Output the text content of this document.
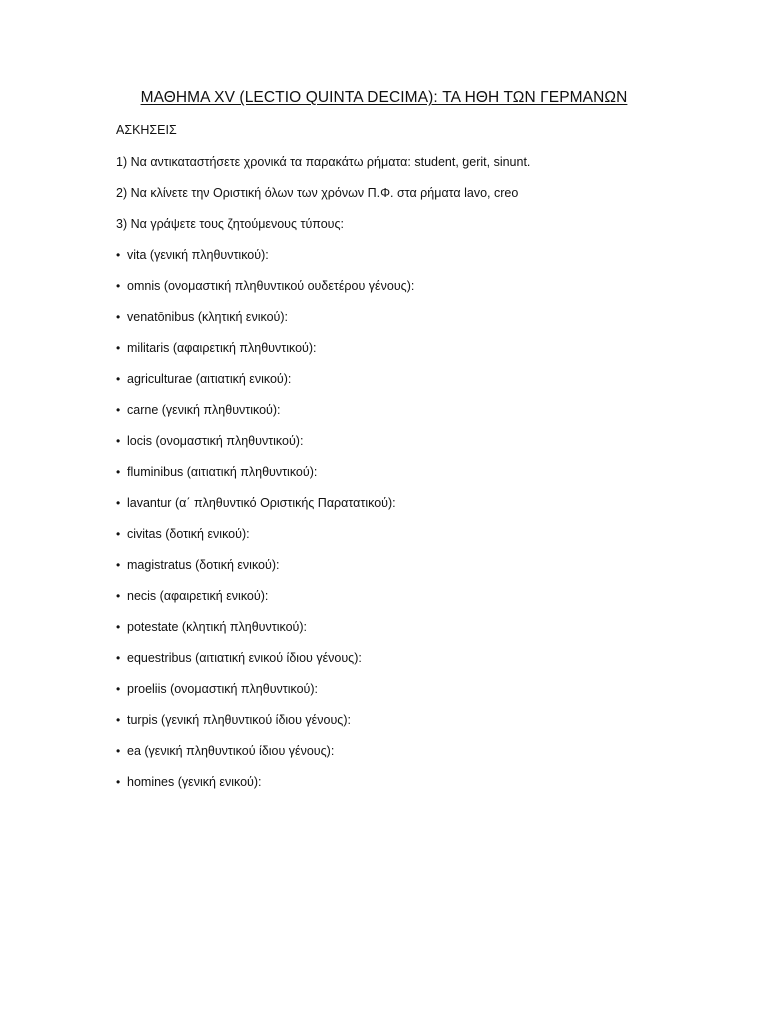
ΜΑΘΗΜΑ XV (LECTIO QUINTA DECIMA): ΤΑ ΗΘΗ ΤΩΝ ΓΕΡΜΑΝΩΝ
ΑΣΚΗΣΕΙΣ
1) Να αντικαταστήσετε χρονικά τα παρακάτω ρήματα: student, gerit, sinunt.
2) Να κλίνετε την Οριστική όλων των χρόνων Π.Φ. στα ρήματα lavo, creo
3) Να γράψετε τους ζητούμενους τύπους:
• vita (γενική πληθυντικού):
• omnis (ονομαστική πληθυντικού ουδετέρου γένους):
• venatōnibus (κλητική ενικού):
• militaris (αφαιρετική πληθυντικού):
• agriculturae (αιτιατική ενικού):
• carne (γενική πληθυντικού):
• locis (ονομαστική πληθυντικού):
• fluminibus (αιτιατική πληθυντικού):
• lavantur (α΄ πληθυντικό Οριστικής Παρατατικού):
• civitas (δοτική ενικού):
• magistratus (δοτική ενικού):
• necis (αφαιρετική ενικού):
• potestate (κλητική πληθυντικού):
• equestribus (αιτιατική ενικού ίδιου γένους):
• proeliis (ονομαστική πληθυντικού):
• turpis (γενική πληθυντικού ίδιου γένους):
• ea (γενική πληθυντικού ίδιου γένους):
• homines (γενική ενικού):
